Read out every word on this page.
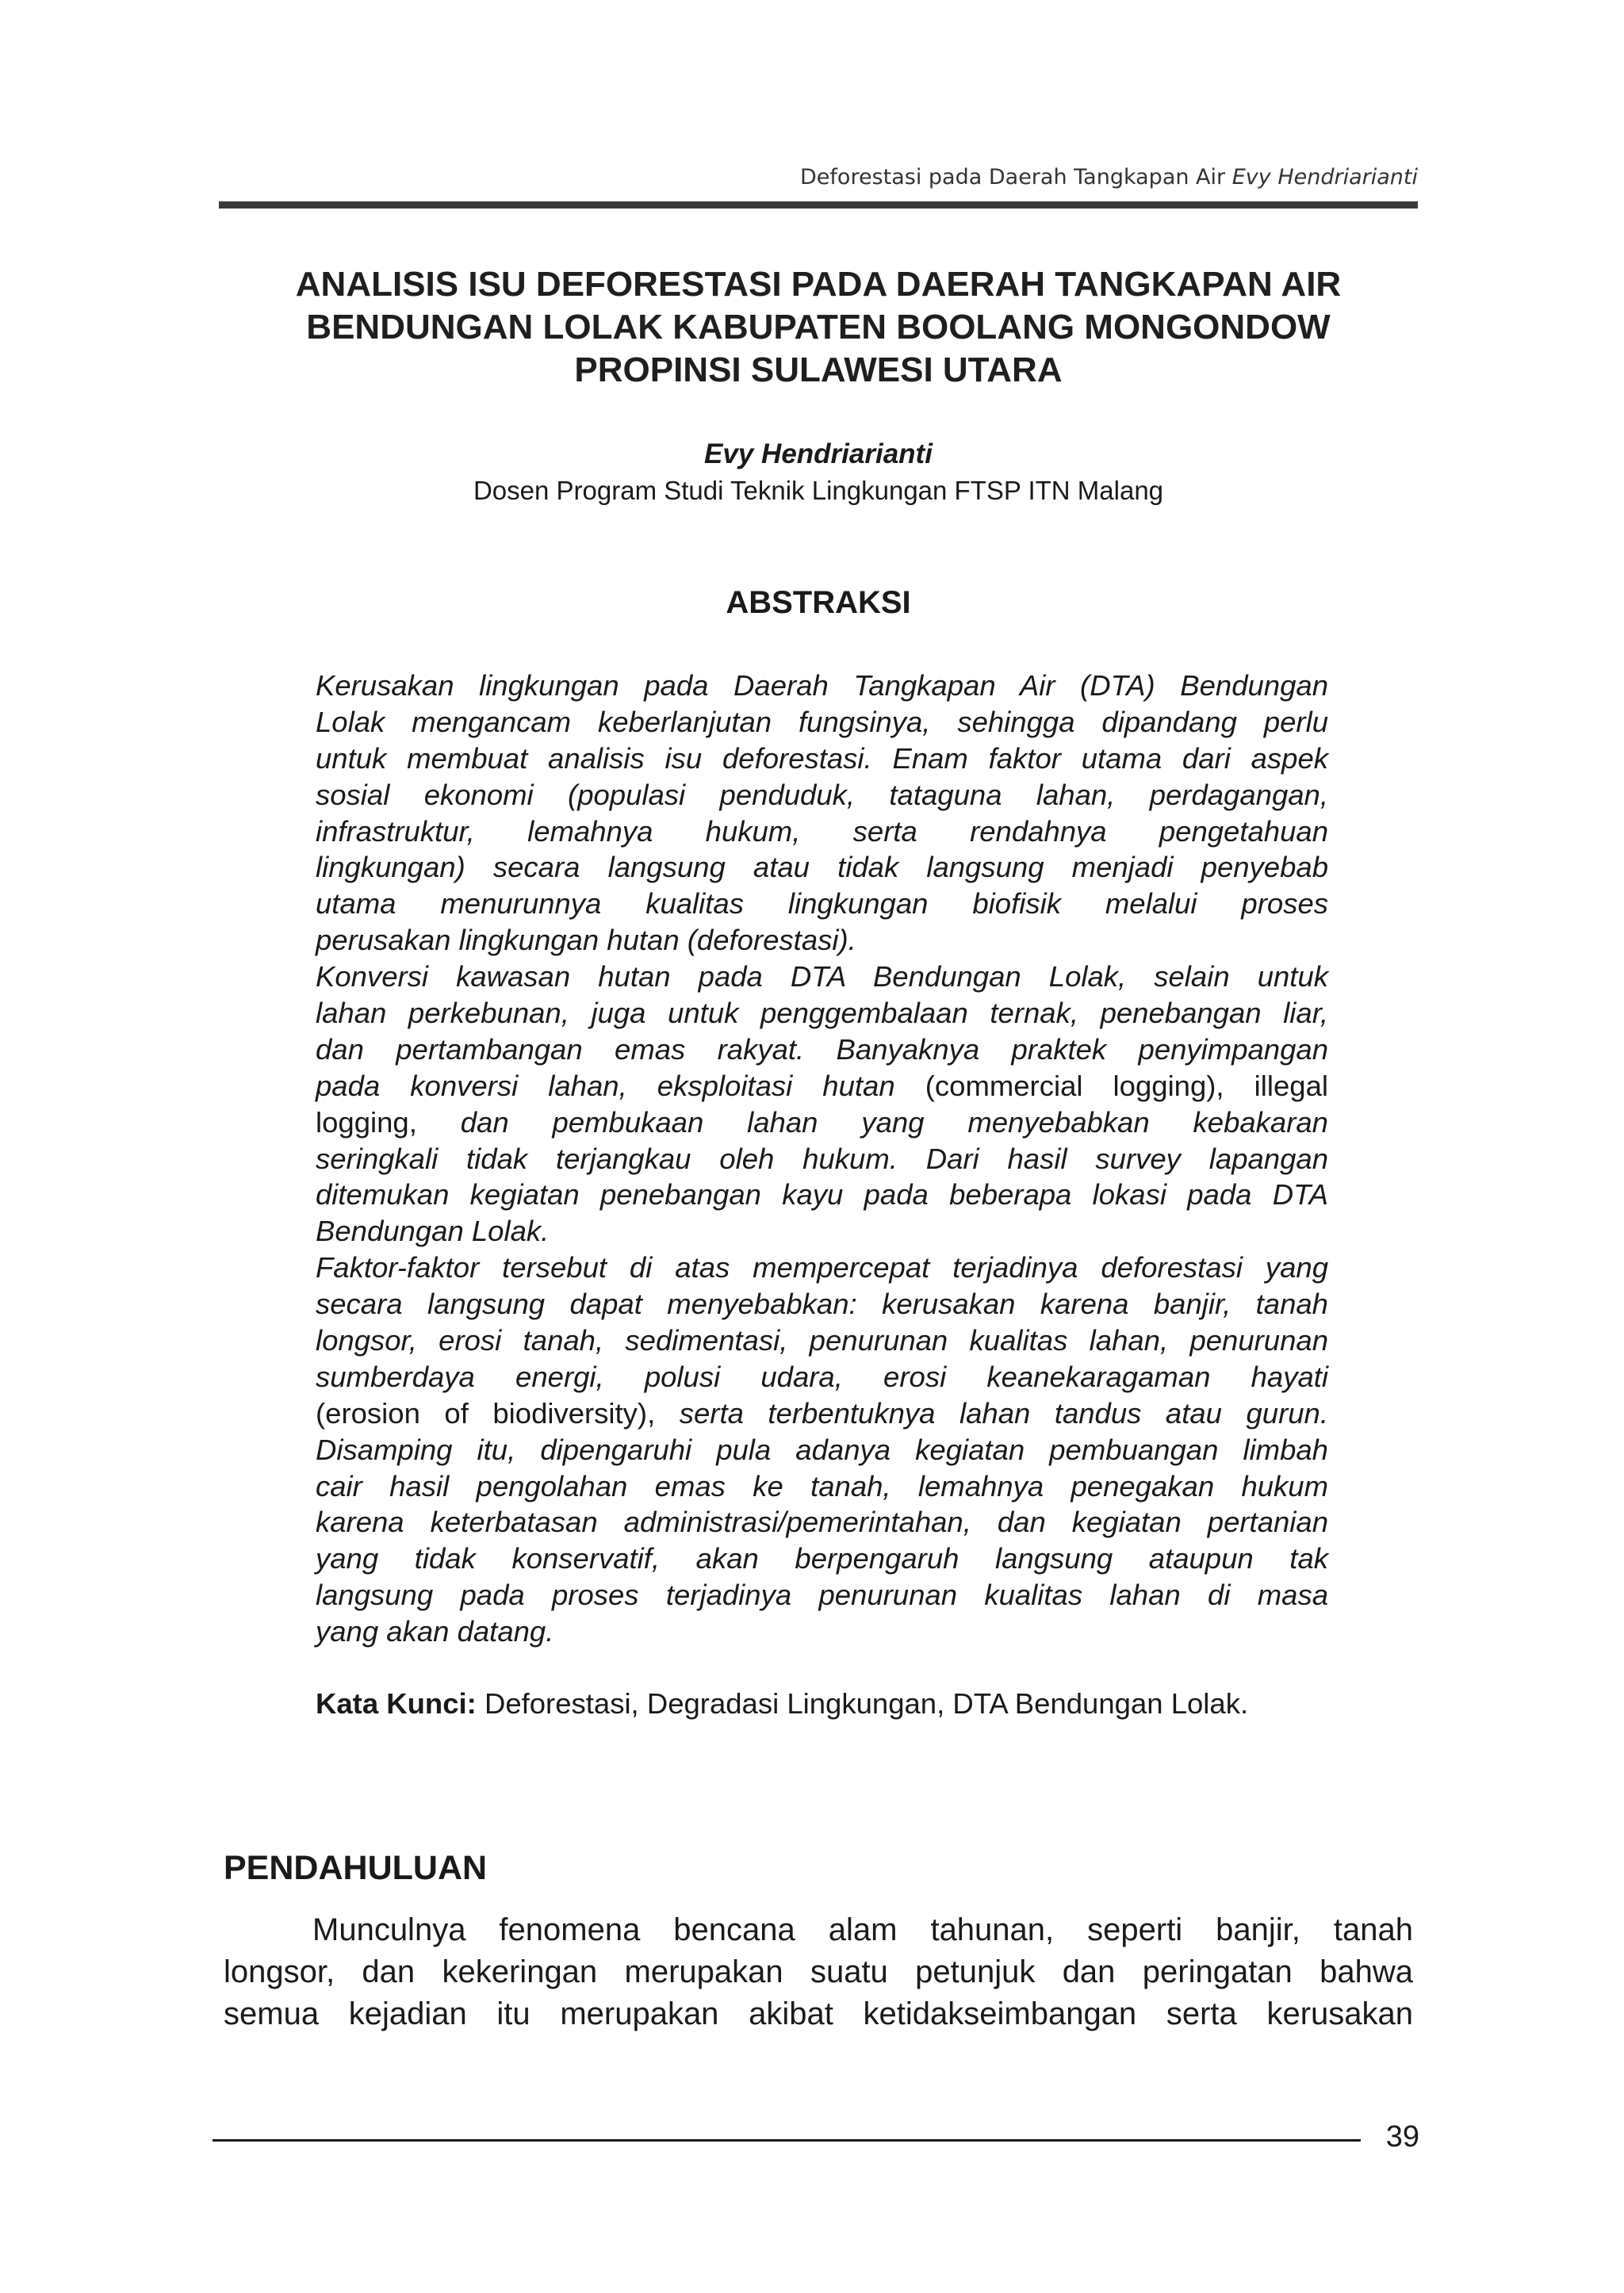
Deforestasi pada Daerah Tangkapan Air Evy Hendriarianti
ANALISIS ISU DEFORESTASI PADA DAERAH TANGKAPAN AIR
BENDUNGAN LOLAK KABUPATEN BOOLANG MONGONDOW
PROPINSI SULAWESI UTARA
Evy Hendriarianti
Dosen Program Studi Teknik Lingkungan FTSP ITN Malang
ABSTRAKSI
Kerusakan lingkungan pada Daerah Tangkapan Air (DTA) Bendungan
Lolak mengancam keberlanjutan fungsinya, sehingga dipandang perlu
untuk membuat analisis isu deforestasi. Enam faktor utama dari aspek
sosial ekonomi (populasi penduduk, tataguna lahan, perdagangan,
infrastruktur, lemahnya hukum, serta rendahnya pengetahuan
lingkungan) secara langsung atau tidak langsung menjadi penyebab
utama menurunnya kualitas lingkungan biofisik melalui proses
perusakan lingkungan hutan (deforestasi).
Konversi kawasan hutan pada DTA Bendungan Lolak, selain untuk
lahan perkebunan, juga untuk penggembalaan ternak, penebangan liar,
dan pertambangan emas rakyat. Banyaknya praktek penyimpangan
pada konversi lahan, eksploitasi hutan (commercial logging), illegal
logging, dan pembukaan lahan yang menyebabkan kebakaran
seringkali tidak terjangkau oleh hukum. Dari hasil survey lapangan
ditemukan kegiatan penebangan kayu pada beberapa lokasi pada DTA
Bendungan Lolak.
Faktor-faktor tersebut di atas mempercepat terjadinya deforestasi yang
secara langsung dapat menyebabkan: kerusakan karena banjir, tanah
longsor, erosi tanah, sedimentasi, penurunan kualitas lahan, penurunan
sumberdaya energi, polusi udara, erosi keanekaragaman hayati
(erosion of biodiversity), serta terbentuknya lahan tandus atau gurun.
Disamping itu, dipengaruhi pula adanya kegiatan pembuangan limbah
cair hasil pengolahan emas ke tanah, lemahnya penegakan hukum
karena keterbatasan administrasi/pemerintahan, dan kegiatan pertanian
yang tidak konservatif, akan berpengaruh langsung ataupun tak
langsung pada proses terjadinya penurunan kualitas lahan di masa
yang akan datang.
Kata Kunci: Deforestasi, Degradasi Lingkungan, DTA Bendungan Lolak.
PENDAHULUAN
Munculnya fenomena bencana alam tahunan, seperti banjir, tanah
longsor, dan kekeringan merupakan suatu petunjuk dan peringatan bahwa
semua kejadian itu merupakan akibat ketidakseimbangan serta kerusakan
39
